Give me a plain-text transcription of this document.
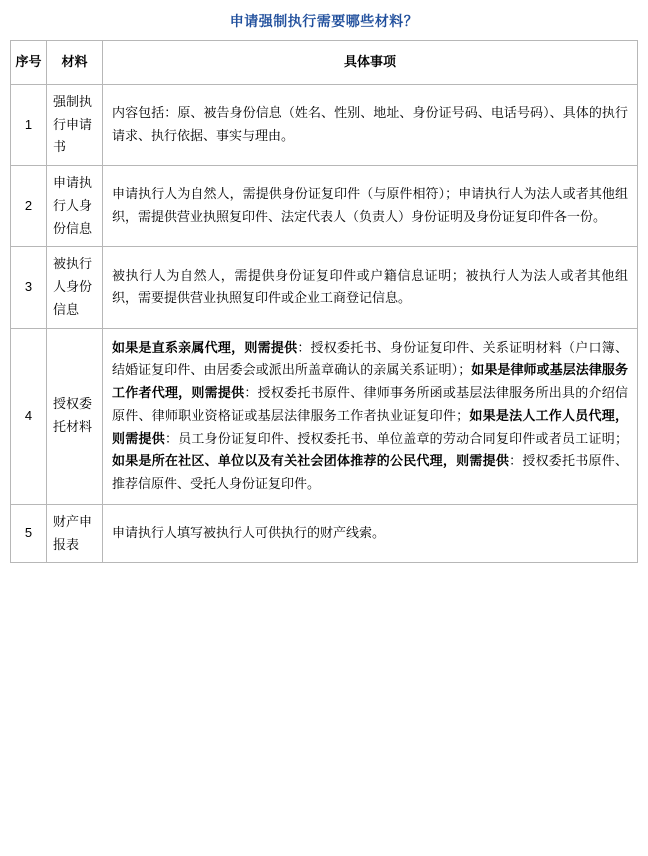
申请强制执行需要哪些材料？
序号	材料	具体事项

1	强制执行申请书	内容包括：原、被告身份信息（姓名、性别、地址、身份证号码、电话号码）、具体的执行请求、执行依据、事实与理由。
2	申请执行人身份信息	申请执行人为自然人，需提供身份证复印件（与原件相符）；申请执行人为法人或者其他组织，需提供营业执照复印件、法定代表人（负责人）身份证明及身份证复印件各一份。
3	被执行人身份信息	被执行人为自然人，需提供身份证复印件或户籍信息证明；被执行人为法人或者其他组织，需要提供营业执照复印件或企业工商登记信息。
4	授权委托材料	如果是直系亲属代理，则需提供：授权委托书、身份证复印件、关系证明材料（户口簿、结婚证复印件、由居委会或派出所盖章确认的亲属关系证明）；如果是律师或基层法律服务工作者代理，则需提供：授权委托书原件、律师事务所函或基层法律服务所出具的介绍信原件、律师职业资格证或基层法律服务工作者执业证复印件；如果是法人工作人员代理，则需提供：员工身份证复印件、授权委托书、单位盖章的劳动合同复印件或者员工证明；如果是所在社区、单位以及有关社会团体推荐的公民代理，则需提供：授权委托书原件、推荐信原件、受托人身份证复印件。
5	财产申报表	申请执行人填写被执行人可供执行的财产线索。
